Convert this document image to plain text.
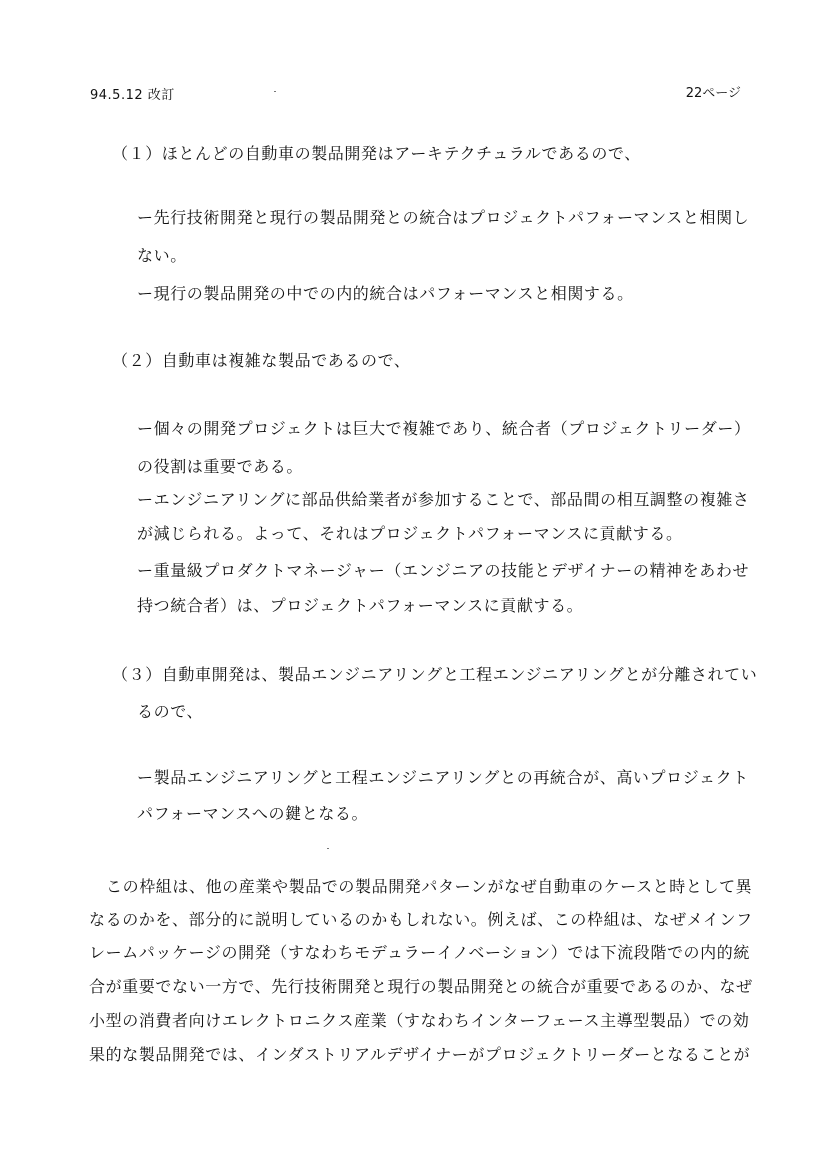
94.5.12 改訂	22ページ
（１）ほとんどの自動車の製品開発はアーキテクチュラルであるので、
ー先行技術開発と現行の製品開発との統合はプロジェクトパフォーマンスと相関し
ない。
ー現行の製品開発の中での内的統合はパフォーマンスと相関する。
（２）自動車は複雑な製品であるので、
ー個々の開発プロジェクトは巨大で複雑であり、統合者（プロジェクトリーダー）
の役割は重要である。
ーエンジニアリングに部品供給業者が参加することで、部品間の相互調整の複雑さ
が減じられる。よって、それはプロジェクトパフォーマンスに貢献する。
ー重量級プロダクトマネージャー（エンジニアの技能とデザイナーの精神をあわせ
持つ統合者）は、プロジェクトパフォーマンスに貢献する。
（３）自動車開発は、製品エンジニアリングと工程エンジニアリングとが分離されてい
るので、
ー製品エンジニアリングと工程エンジニアリングとの再統合が、高いプロジェクト
パフォーマンスへの鍵となる。
この枠組は、他の産業や製品での製品開発パターンがなぜ自動車のケースと時として異
なるのかを、部分的に説明しているのかもしれない。例えば、この枠組は、なぜメインフ
レームパッケージの開発（すなわちモデュラーイノベーション）では下流段階での内的統
合が重要でない一方で、先行技術開発と現行の製品開発との統合が重要であるのか、なぜ
小型の消費者向けエレクトロニクス産業（すなわちインターフェース主導型製品）での効
果的な製品開発では、インダストリアルデザイナーがプロジェクトリーダーとなることが
